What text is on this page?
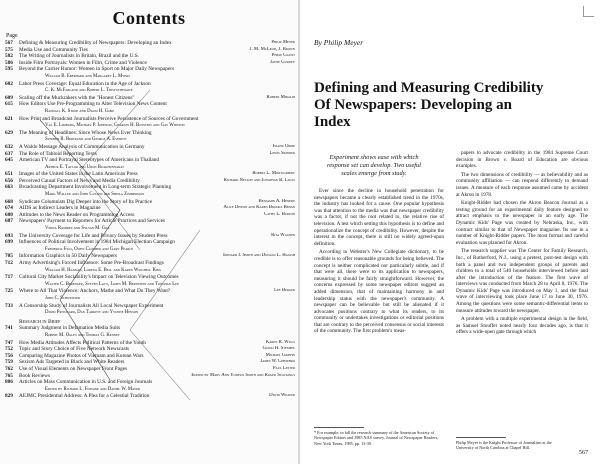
Contents
Page
567 Defining & Measuring Credibility of Newspapers: Developing an Index	Philip Meyer
575 Media Use and Community Ties	J. M. McLeod, J. Brown
582 The Writing of Journalists in Britain, Brazil and the U.S.	Philip Gaunt
586 Inside Film Portrayals: Women in Film, Crime and Violence	Jayne Gurney
595 Beyond the Carrier Rumor: Women in Sport on Major Daily Newspapers
William B. Eberhard and Margaret L. Myers
602 Labor Press Coverage: Equal Education in the Age of Jackson
C. K. McFarland and Robert L. Thistlethwaite
609 Scaling off the Muckrakers with the "Honest Citizens"	Robert Miraldi
615 How Editors Use Pre-Programming to Alter Television News Content
Randall K. Stone and David H. Gore
621 How Print and Broadcast Journalists Perceive Persistence of Sources of Government
Val E. Limburg, Michael P. Johnson, Charles H. Botstein and Gay Whiston
629 The Meaning of Headlines: Since Whose News Ever Thinking
Stephen R. Bertrand and George A. Everett
632 A Waldo Message Analysis of Communication in Germany	Frank Orme
637 The Role of Tabloid Reporting Texts	Lewis Skinner
645 American TV and Portrayal Stereotypes of Americans in Thailand
Arthur E. Taylor and Ubon Buakhunnarat
651 Images of the United States in the Latin American Press	Robert L. Montgomery
656 Perceived Causal Factors of News and Media Credibility	Richard Nelson and Jonathan B. Lillis
663 Broadcasting Department Involvement in Long-term Strategic Planning
Mark Waller and John Cullen and Sheila Zimmerman
668 Syndicate Columnists Dig Deeper into the Story of Its Practice	Benjamin A. Henery
674 AIDS as Indirect Leaders in Magazine	Alice Dennis and Karen Brooks Behan
680 Attitudes to the News Reader on Programming Access	Cathy L. Burton
687 Newspapers' Payment to Reporters for Article Practices and Services
Verna Ramirez and Sylvan M. Gill
693 The University Coverage for Life and Privacy Issues by Student Press	Rita Wagner
699 Influences of Political Involvement in 1984 Michigan Election Campaign
Frederick Fico, Owen Clogher and Gary Pearce
705 Information Graphics in 50 Daily Newspapers	Edward J. Smith and Donald L. Hajash
712 Army Advertising's Forced Influence: Some Pre-Broadcast Findings
William H. Hannah, Lorena E. Bell and Karen Winchell King
717 Cultural City Market Sociability's Impact on Television Viewing Outcomes
Walter C. Berenger, Steven Lacy, James M. Bernstein and Tonghan Lee
725 Where to All That Violence: Anchors, Mathe and What Do They Want?	Lee Berger
John C. Schweitzer
733 A Censorship Study of Journalists All Local Newspaper Experiment
David Pritchard, Dan Tarkett and Yvonne Henson
Research in Brief
741 Summary Judgment in Defamation Media Suits
Robert M. Ogles and Thomas G. Kenney
747 How Media Attitudes Affects Political Patterns of the Youth	Karen R. Wills
752 Topic and Story Choice of Five Network Newscasts	Guido H. Stempel
756 Comparing Magazine Photos of Vietnam and Korean Wars	Michael Griffin
759 Sexism Ads Targeted in Black and White Readers	James W. Chesebro
762 Use of Visual Elements on Newspaper Front Pages	Paul Lester
765 Book Reviews	Edited by Mary Ann Yodelis Smith and Roger Stockings
806 Articles on Mass Communication in U.S. and Foreign Journals
Edited by Richard L. Finnane and Daniel W. Mayer
829 AEJMC Presidential Address: A Plea for a Celestial Tradition	David Weaver
By Philip Meyer
Defining and Measuring Credibility Of Newspapers: Developing an Index
Experiment shows ease with which response set can develop. Two useful scales emerge from study.

Ever since the decline in household penetration for newspapers became a clearly established trend in the 1970s, the industry has looked for a cause. One popular hypothesis was that attention to the media was that newspaper credibility was a factor, if not the root related to, the relative rise of television. A test which setting this hypothesis is to define and operationalize the concept of credibility. However, despite the interest in the concept, there is still no widely agreed-upon definition.

According to Webster's New Collegiate dictionary, to be credible is to offer reasonable grounds for being believed. The concept is neither complicated nor particularly subtle, and if that were all, there were to its application to newspapers, measuring it should be fairly straightforward. However, the concerns expressed by some newspaper editors suggest an added dimension, that of maintaining harmony in and leadership status with the newspaper's community. A newspaper can be believable but still be alienated if it advocates positions contrary to what its readers, to its community or undertakes investigations or editorial positions that are contrary to the perceived consensus or social interests of the community. The first problem's meas-

papers to advocate credibility in the 1984 Supreme Court decision in Brown v. Board of Education are obvious examples.

The two dimensions of credibility — as believability and as community affiliation — can respond differently to demand issues. A measure of each response assumed came by accident at Akron in 1978.

Knight-Ridder had chosen the Akron Beacon Journal as a testing ground for an experimental daily feature designed to attract emphasis to the newspaper in an early age. The Dynamic Kids' Page was created by Nebraska, Inc., with contract similar to that of Newspaper magazine. Its use in a number of Knight-Ridder papers. The most formal and careful evaluation was planned for Akron.

The research supplier was The Center for Family Research, Inc., of Rutherford, N.J., using a pretest, post-test design with both a panel and two independent groups of parents and children to a total of 540 households interviewed before and after the introduction of the feature. The first wave of interviews was conducted from March 28 to April 8, 1976. The Dynamic Kids' Page was introduced on May 1, and the final wave of interviewing took place June 17 to June 30, 1976. Among the questions were some semantic-differential items to measure attitudes toward the newspaper.

A problem with a multiple experimental design in the field, as Samuel Stouffer noted nearly four decades ago, is that it offers a wide-open gate through which

* For example, in fall the research summary of the American Society of Newspaper Editors and 1985 NAS survey, Journal of Newspaper Readers, New York Times, 1985, pp. 13-39.	Philip Meyer is the Knight Professor of Journalism at the University of North Carolina at Chapel Hill.
567
